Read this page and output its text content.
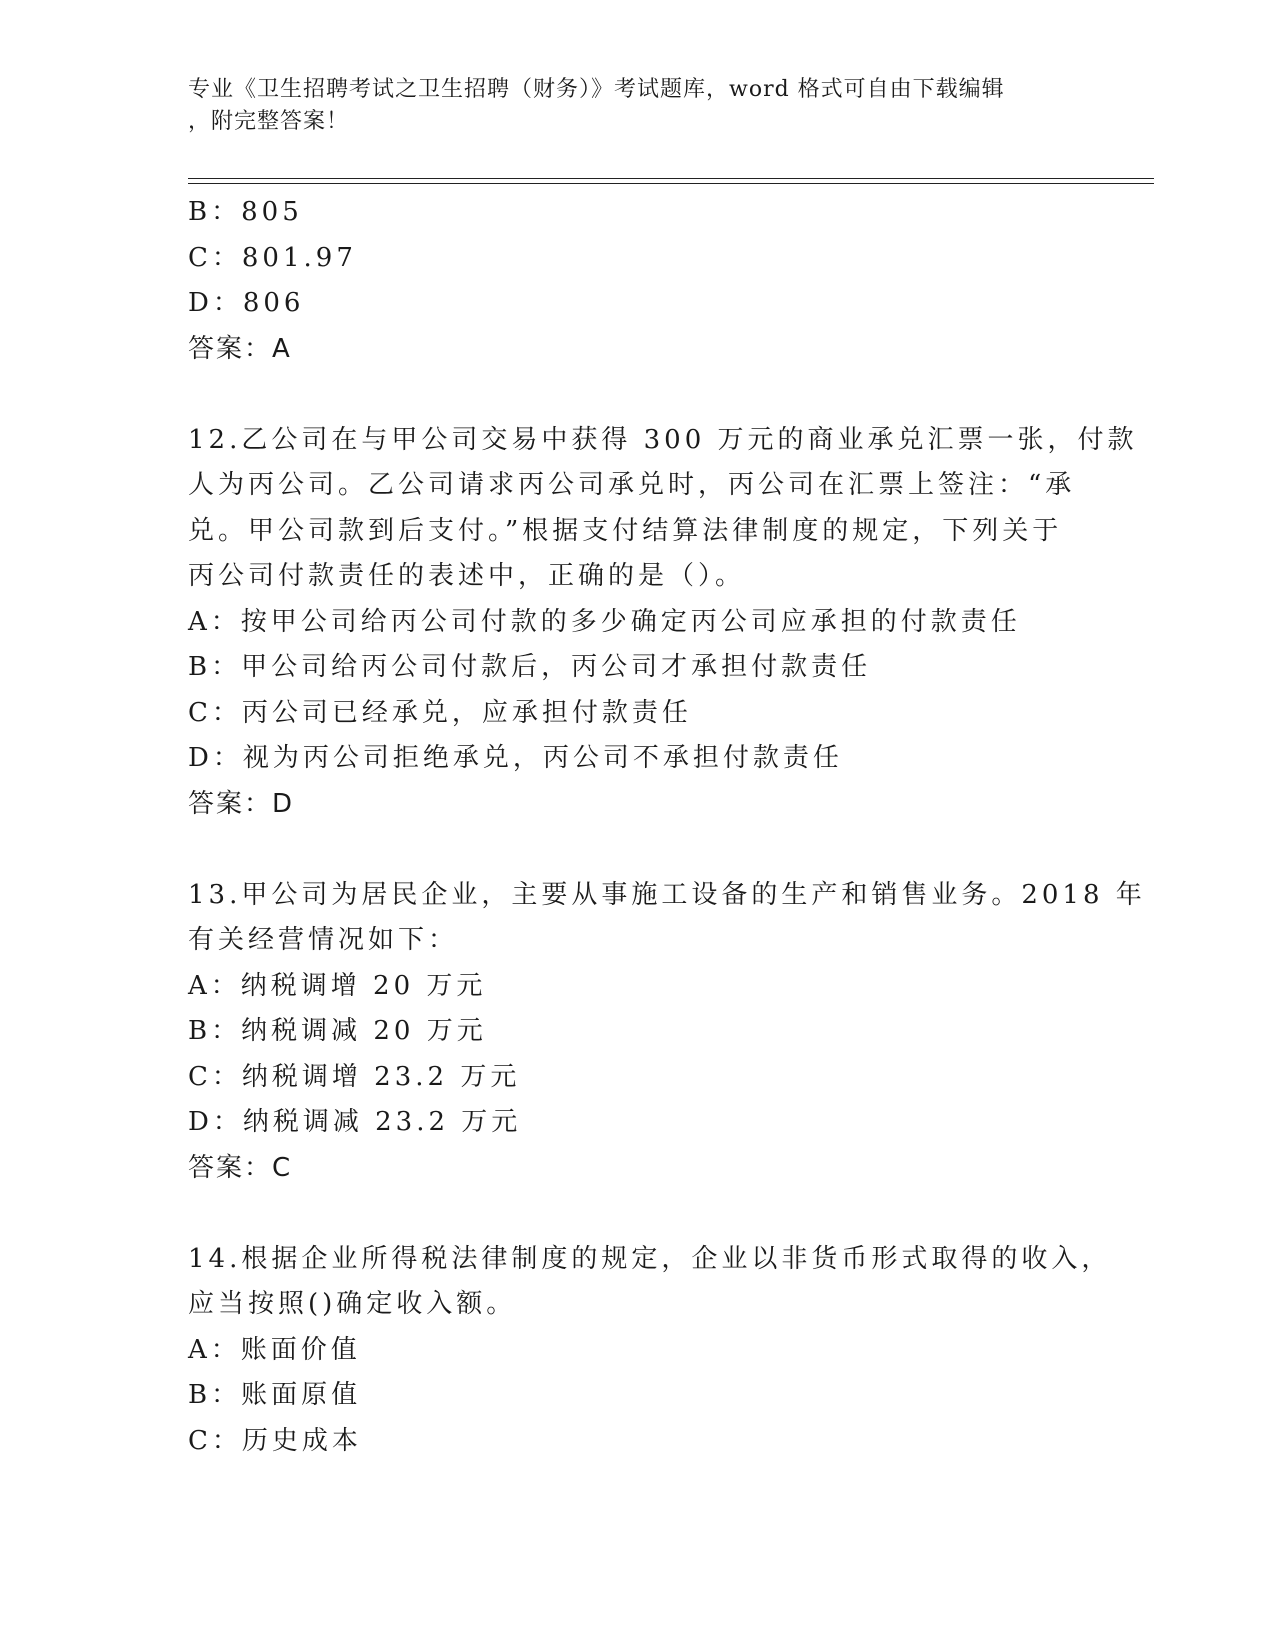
专业《卫生招聘考试之卫生招聘（财务）》考试题库，word 格式可自由下载编辑
，附完整答案！
B：805
C：801.97
D：806
答案：A
12.乙公司在与甲公司交易中获得 300 万元的商业承兑汇票一张，付款
人为丙公司。乙公司请求丙公司承兑时，丙公司在汇票上签注：“承
兑。甲公司款到后支付。”根据支付结算法律制度的规定，下列关于
丙公司付款责任的表述中，正确的是（）。
A：按甲公司给丙公司付款的多少确定丙公司应承担的付款责任
B：甲公司给丙公司付款后，丙公司才承担付款责任
C：丙公司已经承兑，应承担付款责任
D：视为丙公司拒绝承兑，丙公司不承担付款责任
答案：D
13.甲公司为居民企业，主要从事施工设备的生产和销售业务。2018 年
有关经营情况如下：
A：纳税调增 20 万元
B：纳税调减 20 万元
C：纳税调增 23.2 万元
D：纳税调减 23.2 万元
答案：C
14.根据企业所得税法律制度的规定，企业以非货币形式取得的收入，
应当按照()确定收入额。
A：账面价值
B：账面原值
C：历史成本
